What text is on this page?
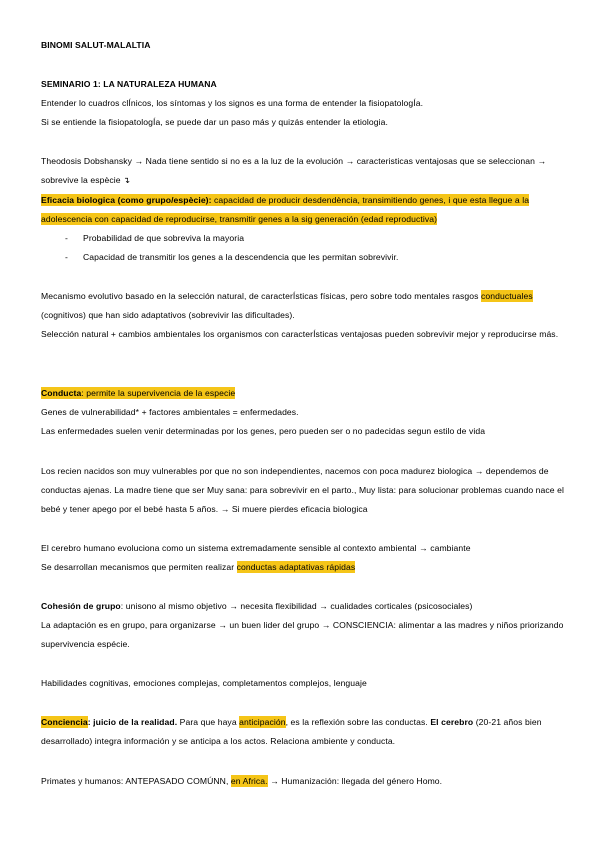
BINOMI SALUT-MALALTIA

SEMINARIO 1: LA NATURALEZA HUMANA

Entender lo cuadros clÍnicos, los síntomas y los signos es una forma de entender la fisiopatologÍa.

Si se entiende la fisiopatologÍa, se puede dar un paso más y quizás entender la etiologia.

Theodosis Dobshansky → Nada tiene sentido si no es a la luz de la evolución → caracteristicas ventajosas que se seleccionan → sobrevive la espècie ↴

Eficacia biologica (como grupo/espècie): capacidad de producir desdendència, transimitiendo genes, i que esta llegue a la adolescencia con capacidad de reproducirse, transmitir genes a la sig generación (edad reproductiva)

- Probabilidad de que sobreviva la mayoria
- Capacidad de transmitir los genes a la descendencia que les permitan sobrevivir.

Mecanismo evolutivo basado en la selección natural, de caracterÍsticas físicas, pero sobre todo mentales rasgos conductuales (cognitivos) que han sido adaptativos (sobrevivir las dificultades).

Selección natural + cambios ambientales los organismos con caracterÍsticas ventajosas pueden sobrevivir mejor y reproducirse más.

Conducta: permite la supervivencia de la especie

Genes de vulnerabilidad* + factores ambientales = enfermedades.

Las enfermedades suelen venir determinadas por los genes, pero pueden ser o no padecidas segun estilo de vida

Los recien nacidos son muy vulnerables por que no son independientes, nacemos con poca madurez biologica → dependemos de conductas ajenas. La madre tiene que ser Muy sana: para sobrevivir en el parto., Muy lista: para solucionar problemas cuando nace el bebé y tener apego por el bebé hasta 5 años. → Si muere pierdes eficacia biologica

El cerebro humano evoluciona como un sistema extremadamente sensible al contexto ambiental → cambiante

Se desarrollan mecanismos que permiten realizar conductas adaptativas rápidas

Cohesión de grupo: unisono al mismo objetivo → necesita flexibilidad → cualidades corticales (psicosociales)

La adaptación es en grupo, para organizarse → un buen lider del grupo → CONSCIENCIA: alimentar a las madres y niños priorizando supervivencia espécie.

Habilidades cognitivas, emociones complejas, completamentos complejos, lenguaje

Conciencia: juicio de la realidad. Para que haya anticipación, es la reflexión sobre las conductas. El cerebro (20-21 años bien desarrollado) integra información y se anticipa a los actos. Relaciona ambiente y conducta.

Primates y humanos: ANTEPASADO COMÚNN, en Africa. → Humanización: llegada del género Homo.
